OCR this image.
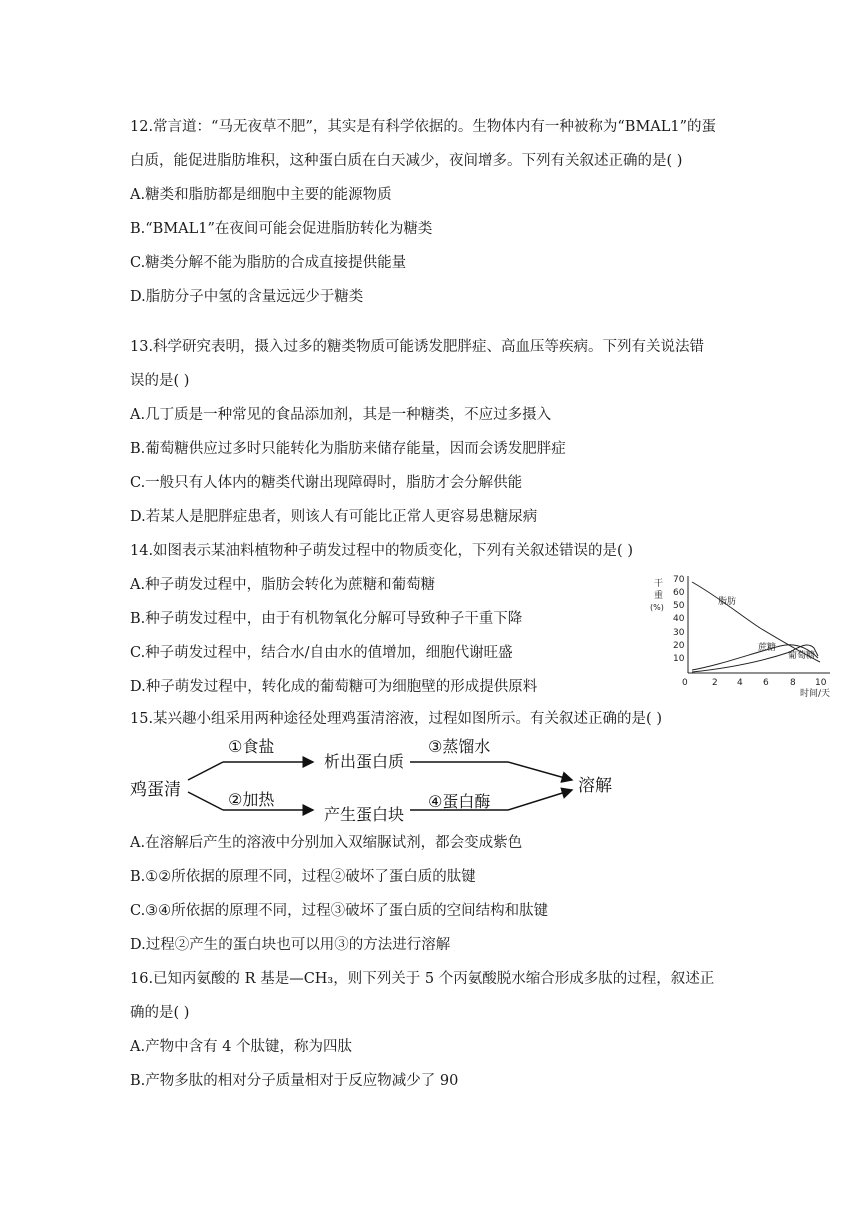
12.常言道：“马无夜草不肥”，其实是有科学依据的。生物体内有一种被称为“BMAL1”的蛋
白质，能促进脂肪堆积，这种蛋白质在白天减少，夜间增多。下列有关叙述正确的是( )
A.糖类和脂肪都是细胞中主要的能源物质
B.“BMAL1”在夜间可能会促进脂肪转化为糖类
C.糖类分解不能为脂肪的合成直接提供能量
D.脂肪分子中氢的含量远远少于糖类
13.科学研究表明，摄入过多的糖类物质可能诱发肥胖症、高血压等疾病。下列有关说法错
误的是( )
A.几丁质是一种常见的食品添加剂，其是一种糖类，不应过多摄入
B.葡萄糖供应过多时只能转化为脂肪来储存能量，因而会诱发肥胖症
C.一般只有人体内的糖类代谢出现障碍时，脂肪才会分解供能
D.若某人是肥胖症患者，则该人有可能比正常人更容易患糖尿病
14.如图表示某油料植物种子萌发过程中的物质变化，下列有关叙述错误的是( )
A.种子萌发过程中，脂肪会转化为蔗糖和葡萄糖
B.种子萌发过程中，由于有机物氧化分解可导致种子干重下降
C.种子萌发过程中，结合水/自由水的值增加，细胞代谢旺盛
D.种子萌发过程中，转化成的葡萄糖可为细胞壁的形成提供原料
15.某兴趣小组采用两种途径处理鸡蛋清溶液，过程如图所示。有关叙述正确的是( )
A.在溶解后产生的溶液中分别加入双缩脲试剂，都会变成紫色
B.①②所依据的原理不同，过程②破坏了蛋白质的肽键
C.③④所依据的原理不同，过程③破坏了蛋白质的空间结构和肽键
D.过程②产生的蛋白块也可以用③的方法进行溶解
16.已知丙氨酸的 R 基是—CH₃，则下列关于 5 个丙氨酸脱水缩合形成多肽的过程，叙述正
确的是( )
A.产物中含有 4 个肽键，称为四肽
B.产物多肽的相对分子质量相对于反应物减少了 90
干
重
(%)
70
60
50
40
30
20
10
0	2 4 6 8 10
时间/天
脂肪
蔗糖
葡萄糖
鸡蛋清
①食盐
析出蛋白质
③蒸馏水
②加热
产生蛋白块
④蛋白酶
溶解
